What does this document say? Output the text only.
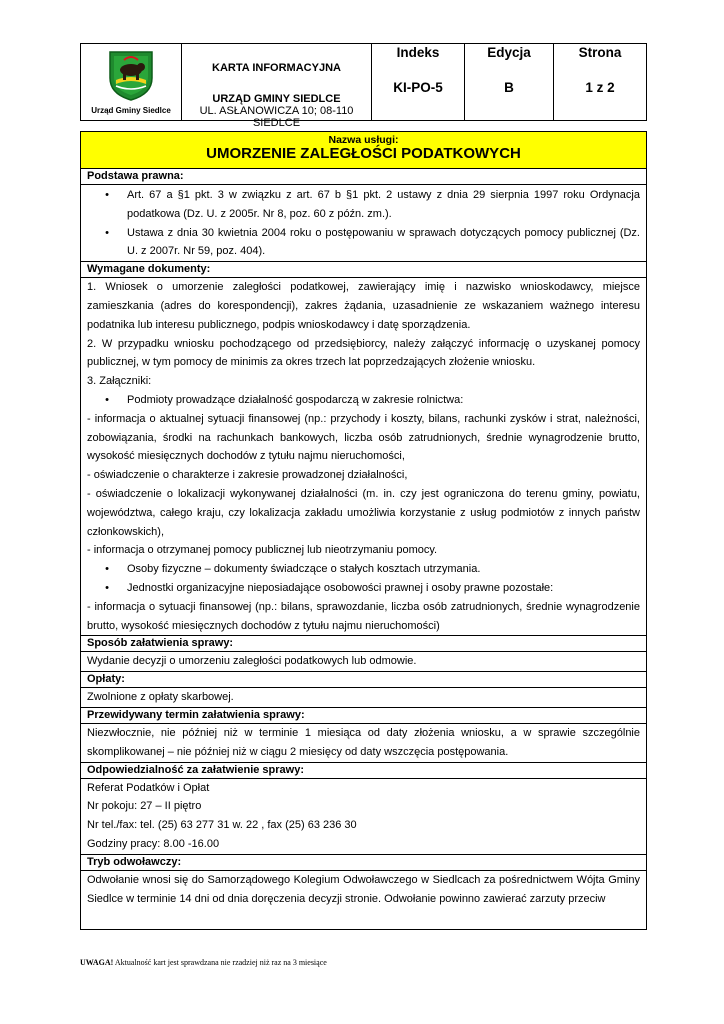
Urząd Gminy Siedlce
KARTA INFORMACYJNA
URZĄD GMINY SIEDLCE
UL. ASŁANOWICZA 10; 08-110 SIEDLCE
Indeks
KI-PO-5
Edycja
B
Strona
1 z 2
Nazwa usługi:
UMORZENIE ZALEGŁOŚCI PODATKOWYCH
Podstawa prawna:
•	Art. 67 a §1 pkt. 3 w związku z art. 67 b §1 pkt. 2 ustawy z dnia 29 sierpnia 1997 roku Ordynacja podatkowa (Dz. U. z 2005r. Nr 8, poz. 60 z późn. zm.).
•	Ustawa z dnia 30 kwietnia 2004 roku o postępowaniu w sprawach dotyczących pomocy publicznej (Dz. U. z 2007r. Nr 59, poz. 404).
Wymagane dokumenty:

1. Wniosek o umorzenie zaległości podatkowej, zawierający imię i nazwisko wnioskodawcy, miejsce zamieszkania (adres do korespondencji), zakres żądania, uzasadnienie ze wskazaniem ważnego interesu podatnika lub interesu publicznego, podpis wnioskodawcy i datę sporządzenia.

2. W przypadku wniosku pochodzącego od przedsiębiorcy, należy załączyć informację o uzyskanej pomocy publicznej, w tym pomocy de minimis za okres trzech lat poprzedzających złożenie wniosku.

3. Załączniki:

•	Podmioty prowadzące działalność gospodarczą w zakresie rolnictwa:

- informacja o aktualnej sytuacji finansowej (np.: przychody i koszty, bilans, rachunki zysków i strat, należności, zobowiązania, środki na rachunkach bankowych, liczba osób zatrudnionych, średnie wynagrodzenie brutto, wysokość miesięcznych dochodów z tytułu najmu nieruchomości,

- oświadczenie o charakterze i zakresie prowadzonej działalności,

- oświadczenie o lokalizacji wykonywanej działalności (m. in. czy jest ograniczona do terenu gminy, powiatu, województwa, całego kraju, czy lokalizacja zakładu umożliwia korzystanie z usług podmiotów z innych państw członkowskich),

- informacja o otrzymanej pomocy publicznej lub nieotrzymaniu pomocy.

•	Osoby fizyczne – dokumenty świadczące o stałych kosztach utrzymania.
•	Jednostki organizacyjne nieposiadające osobowości prawnej i osoby prawne pozostałe:

- informacja o sytuacji finansowej (np.: bilans, sprawozdanie, liczba osób zatrudnionych, średnie wynagrodzenie brutto, wysokość miesięcznych dochodów z tytułu najmu nieruchomości)

Sposób załatwienia sprawy:
Wydanie decyzji o umorzeniu zaległości podatkowych lub odmowie.
Opłaty:
Zwolnione z opłaty skarbowej.
Przewidywany termin załatwienia sprawy:
Niezwłocznie, nie później niż w terminie 1 miesiąca od daty złożenia wniosku, a w sprawie szczególnie skomplikowanej – nie później niż w ciągu 2 miesięcy od daty wszczęcia postępowania.
Odpowiedzialność za załatwienie sprawy:

Referat Podatków i Opłat

Nr pokoju: 27 – II piętro

Nr tel./fax: tel. (25) 63 277 31 w. 22 , fax (25) 63 236 30

Godziny pracy: 8.00 -16.00

Tryb odwoławczy:
Odwołanie wnosi się do Samorządowego Kolegium Odwoławczego w Siedlcach za pośrednictwem Wójta Gminy Siedlce w terminie 14 dni od dnia doręczenia decyzji stronie. Odwołanie powinno zawierać zarzuty przeciw
UWAGA! Aktualność kart jest sprawdzana nie rzadziej niż raz na 3 miesiące
